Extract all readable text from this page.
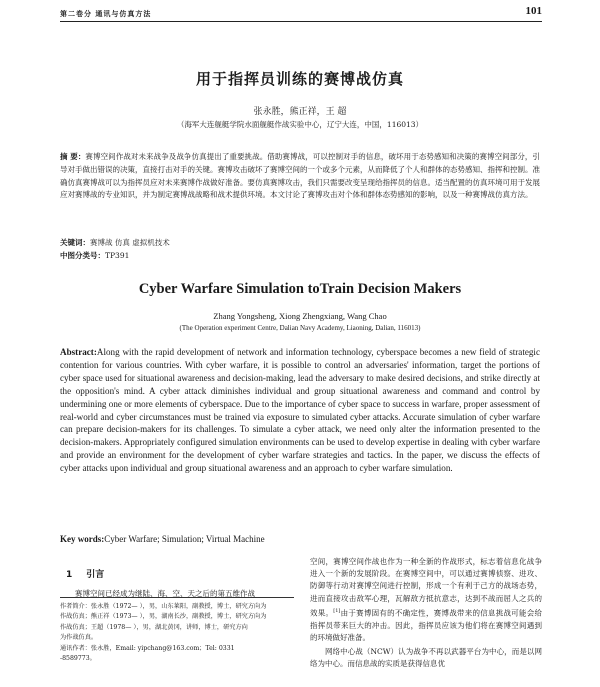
第二卷分 通讯与仿真方法	101
用于指挥员训练的赛博战仿真
张永胜，熊正祥，王 超
（海军大连舰艇学院水面舰艇作战实验中心，辽宁大连，中国，116013）
摘 要：赛博空间作战对未来战争及战争仿真提出了重要挑战。借助赛博战，可以控制对手的信息，破坏用于态势感知和决策的赛博空间部分，引导对手做出错误的决策，直接打击对手的关键。赛博攻击破坏了赛博空间的一个或多个元素，从而降低了个人和群体的态势感知、指挥和控制。准确仿真赛博战可以为指挥员应对未来赛博作战做好准备。要仿真赛博攻击，我们只需要改变呈现给指挥员的信息。适当配置的仿真环境可用于发展应对赛博战的专业知识，并为制定赛博战战略和战术提供环境。本文讨论了赛博攻击对个体和群体态势感知的影响，以及一种赛博战仿真方法。
关键词：赛博战 仿真 虚拟机技术
中图分类号：TP391
Cyber Warfare Simulation toTrain Decision Makers
Zhang Yongsheng, Xiong Zhengxiang, Wang Chao
(The Operation experiment Centre, Dalian Navy Academy, Liaoning, Dalian, 116013)
Abstract:Along with the rapid development of network and information technology, cyberspace becomes a new field of strategic contention for various countries. With cyber warfare, it is possible to control an adversaries' information, target the portions of cyber space used for situational awareness and decision-making, lead the adversary to make desired decisions, and strike directly at the opposition's mind. A cyber attack diminishes individual and group situational awareness and command and control by undermining one or more elements of cyberspace. Due to the importance of cyber space to success in warfare, proper assessment of real-world and cyber circumstances must be trained via exposure to simulated cyber attacks. Accurate simulation of cyber warfare can prepare decision-makers for its challenges. To simulate a cyber attack, we need only alter the information presented to the decision-makers. Appropriately configured simulation environments can be used to develop expertise in dealing with cyber warfare and provide an environment for the development of cyber warfare strategies and tactics. In the paper, we discuss the effects of cyber attacks upon individual and group situational awareness and an approach to cyber warfare simulation.
Key words:Cyber Warfare; Simulation; Virtual Machine
1 引言
赛博空间已经成为继陆、海、空、天之后的第五维作战
作者简介：张永胜（1972— ），男，山东莱阳，副教授，博士，研究方向为
作战仿真；熊正祥（1973— ），男，湖南长沙，副教授，博士，研究方向为
作战仿真；王超（1978— ），男，湖北黄冈，讲师，博士，研究方向
为作战仿真。
通讯作者：张永胜，Email: yipchang@163.com；Tel: 0331
-8589773。

空间，赛博空间作战也作为一种全新的作战形式，标志着信息化战争进入一个新的发展阶段。在赛博空间中，可以通过赛博侦察、进攻、防御等行动对赛博空间进行控制，形成一个有利于己方的战场态势，进而直接攻击敌军心理，瓦解敌方抵抗意志，达到不战而屈人之兵的效果。[1]由于赛博固有的不确定性，赛博战带来的信息挑战可能会给指挥员带来巨大的冲击。因此，指挥员应该为他们将在赛博空间遇到的环境做好准备。

网络中心战（NCW）认为战争不再以武器平台为中心，而是以网络为中心。而信息战的实质是获得信息优
